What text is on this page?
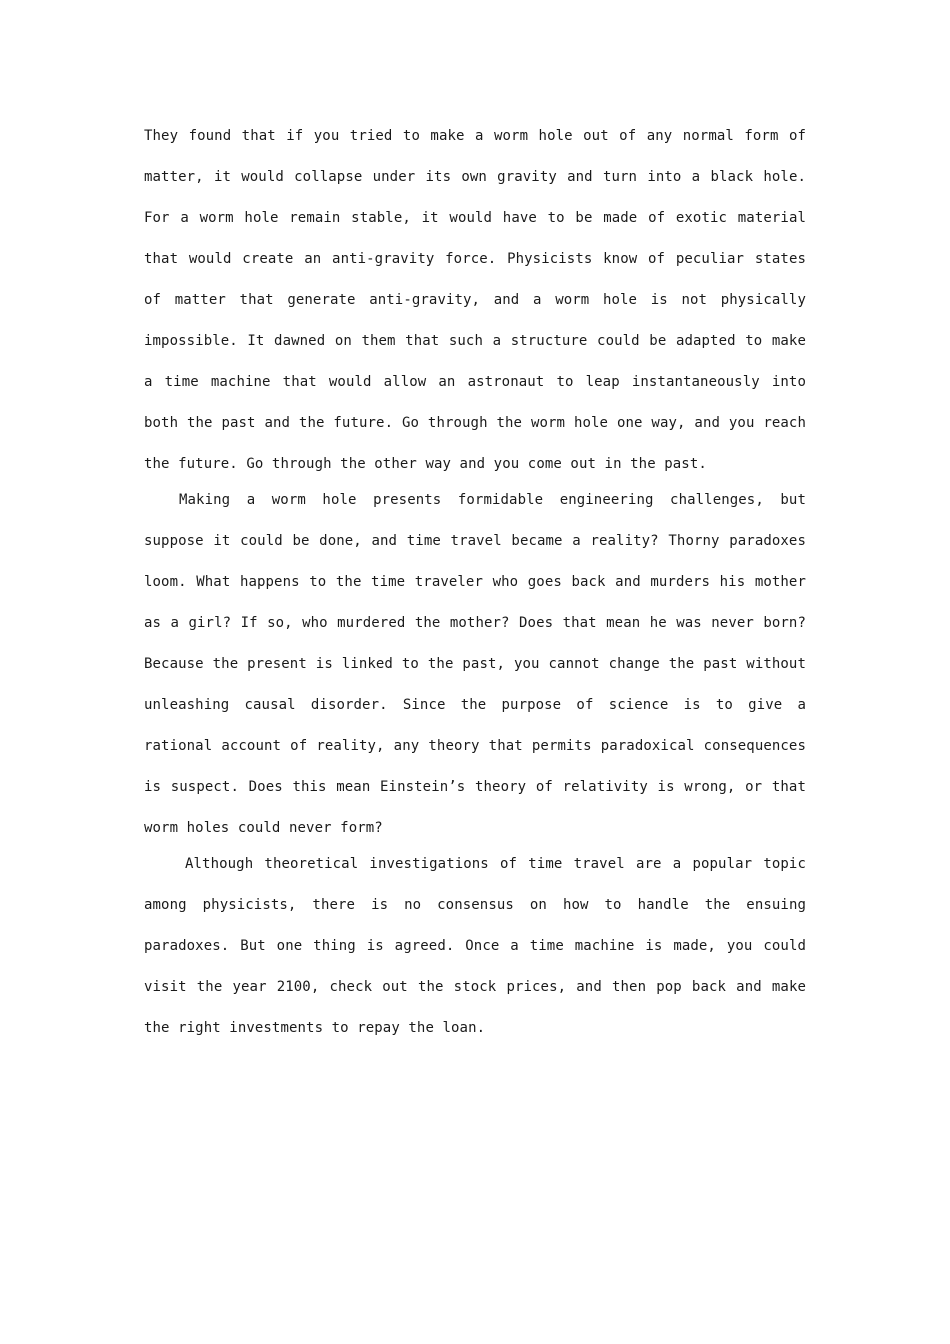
They found that if you tried to make a worm hole out of any normal form of matter, it would collapse under its own gravity and turn into a black hole. For a worm hole remain stable, it would have to be made of exotic material that would create an anti-gravity force. Physicists know of peculiar states of matter that generate anti-gravity, and a worm hole is not physically impossible. It dawned on them that such a structure could be adapted to make a time machine that would allow an astronaut to leap instantaneously into both the past and the future. Go through the worm hole one way, and you reach the future. Go through the other way and you come out in the past.

Making a worm hole presents formidable engineering challenges, but suppose it could be done, and time travel became a reality? Thorny paradoxes loom. What happens to the time traveler who goes back and murders his mother as a girl? If so, who murdered the mother? Does that mean he was never born? Because the present is linked to the past, you cannot change the past without unleashing causal disorder. Since the purpose of science is to give a rational account of reality, any theory that permits paradoxical consequences is suspect. Does this mean Einstein’s theory of relativity is wrong, or that worm holes could never form?

Although theoretical investigations of time travel are a popular topic among physicists, there is no consensus on how to handle the ensuing paradoxes. But one thing is agreed. Once a time machine is made, you could visit the year 2100, check out the stock prices, and then pop back and make the right investments to repay the loan.
